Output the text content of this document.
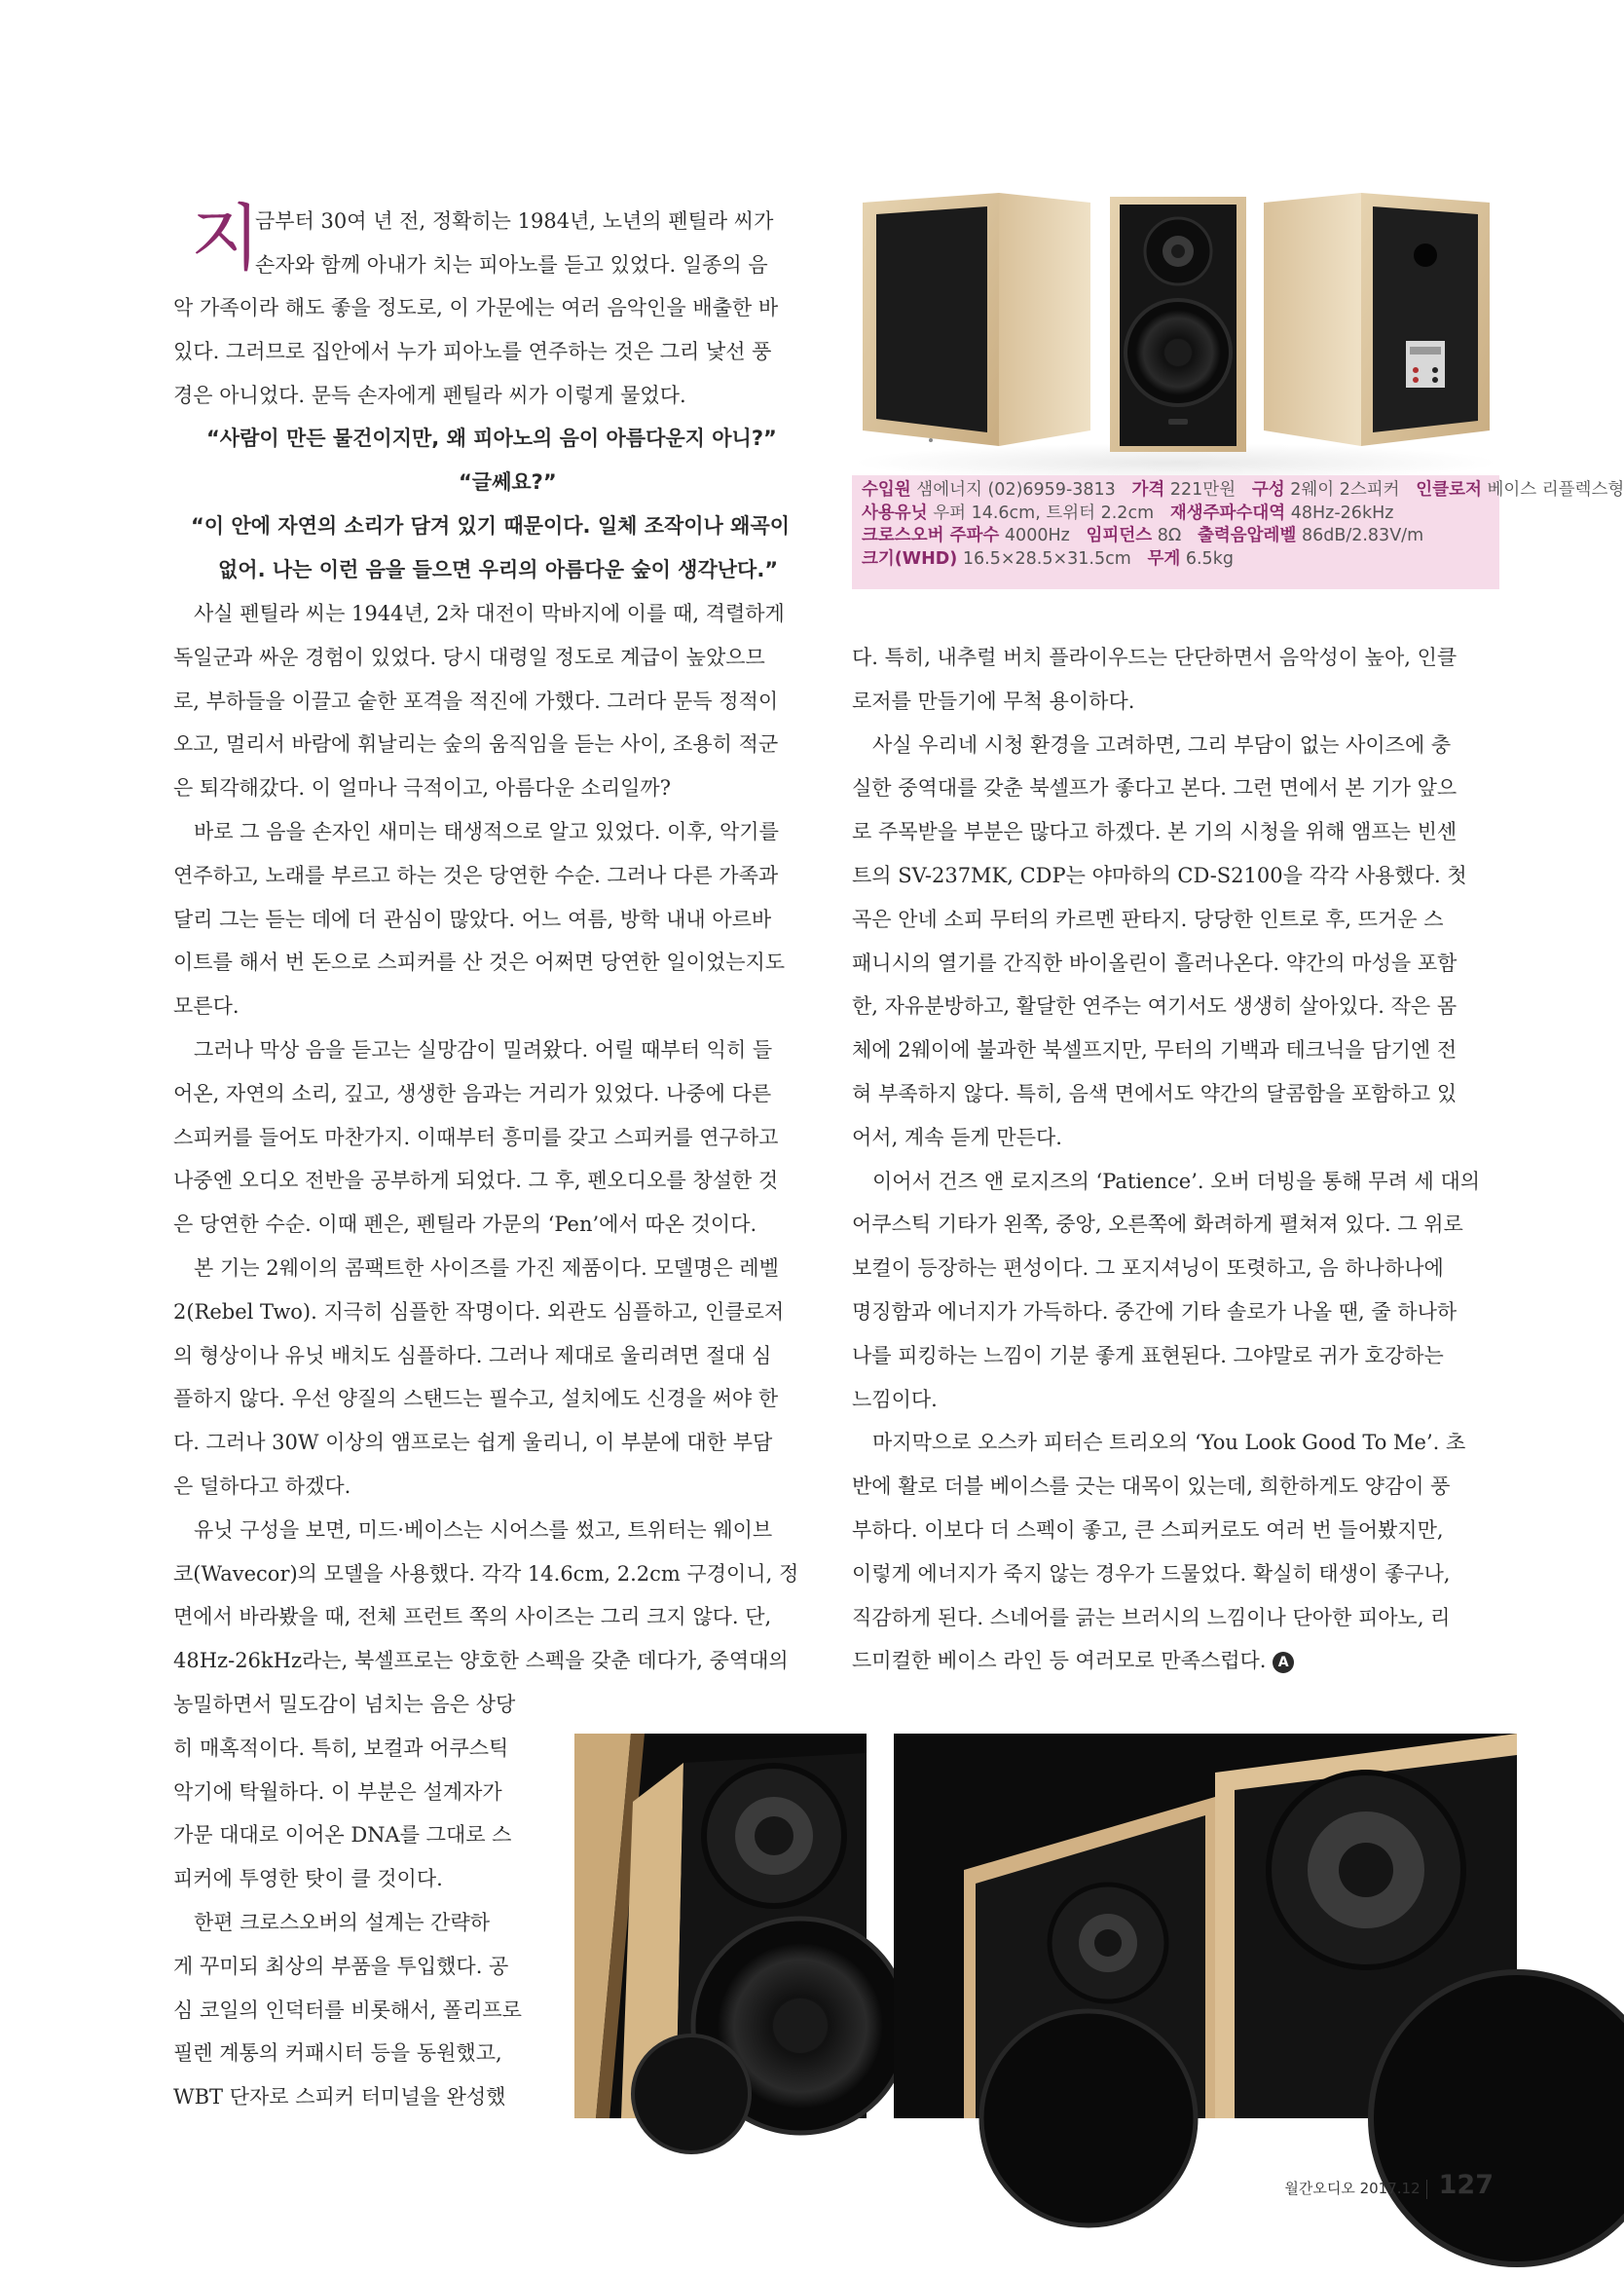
지

금부터 30여 년 전, 정확히는 1984년, 노년의 펜틸라 씨가

손자와 함께 아내가 치는 피아노를 듣고 있었다. 일종의 음

악 가족이라 해도 좋을 정도로, 이 가문에는 여러 음악인을 배출한 바

있다. 그러므로 집안에서 누가 피아노를 연주하는 것은 그리 낯선 풍

경은 아니었다. 문득 손자에게 펜틸라 씨가 이렇게 물었다.

“사람이 만든 물건이지만, 왜 피아노의 음이 아름다운지 아니?”
“글쎄요?”

“이 안에 자연의 소리가 담겨 있기 때문이다. 일체 조작이나 왜곡이

없어. 나는 이런 음을 들으면 우리의 아름다운 숲이 생각난다.”

사실 펜틸라 씨는 1944년, 2차 대전이 막바지에 이를 때, 격렬하게

독일군과 싸운 경험이 있었다. 당시 대령일 정도로 계급이 높았으므

로, 부하들을 이끌고 숱한 포격을 적진에 가했다. 그러다 문득 정적이

오고, 멀리서 바람에 휘날리는 숲의 움직임을 듣는 사이, 조용히 적군

은 퇴각해갔다. 이 얼마나 극적이고, 아름다운 소리일까?

바로 그 음을 손자인 새미는 태생적으로 알고 있었다. 이후, 악기를

연주하고, 노래를 부르고 하는 것은 당연한 수순. 그러나 다른 가족과

달리 그는 듣는 데에 더 관심이 많았다. 어느 여름, 방학 내내 아르바

이트를 해서 번 돈으로 스피커를 산 것은 어쩌면 당연한 일이었는지도

모른다.

그러나 막상 음을 듣고는 실망감이 밀려왔다. 어릴 때부터 익히 들

어온, 자연의 소리, 깊고, 생생한 음과는 거리가 있었다. 나중에 다른

스피커를 들어도 마찬가지. 이때부터 흥미를 갖고 스피커를 연구하고

나중엔 오디오 전반을 공부하게 되었다. 그 후, 펜오디오를 창설한 것

은 당연한 수순. 이때 펜은, 펜틸라 가문의 ‘Pen’에서 따온 것이다.

본 기는 2웨이의 콤팩트한 사이즈를 가진 제품이다. 모델명은 레벨

2(Rebel Two). 지극히 심플한 작명이다. 외관도 심플하고, 인클로저

의 형상이나 유닛 배치도 심플하다. 그러나 제대로 울리려면 절대 심

플하지 않다. 우선 양질의 스탠드는 필수고, 설치에도 신경을 써야 한

다. 그러나 30W 이상의 앰프로는 쉽게 울리니, 이 부분에 대한 부담

은 덜하다고 하겠다.

유닛 구성을 보면, 미드·베이스는 시어스를 썼고, 트위터는 웨이브

코(Wavecor)의 모델을 사용했다. 각각 14.6cm, 2.2cm 구경이니, 정

면에서 바라봤을 때, 전체 프런트 쪽의 사이즈는 그리 크지 않다. 단,

48Hz-26kHz라는, 북셀프로는 양호한 스펙을 갖춘 데다가, 중역대의

농밀하면서 밀도감이 넘치는 음은 상당

히 매혹적이다. 특히, 보컬과 어쿠스틱

악기에 탁월하다. 이 부분은 설계자가

가문 대대로 이어온 DNA를 그대로 스

피커에 투영한 탓이 클 것이다.

한편 크로스오버의 설계는 간략하

게 꾸미되 최상의 부품을 투입했다. 공

심 코일의 인덕터를 비롯해서, 폴리프로

필렌 계통의 커패시터 등을 동원했고,

WBT 단자로 스피커 터미널을 완성했

다. 특히, 내추럴 버치 플라이우드는 단단하면서 음악성이 높아, 인클

로저를 만들기에 무척 용이하다.

사실 우리네 시청 환경을 고려하면, 그리 부담이 없는 사이즈에 충

실한 중역대를 갖춘 북셀프가 좋다고 본다. 그런 면에서 본 기가 앞으

로 주목받을 부분은 많다고 하겠다. 본 기의 시청을 위해 앰프는 빈센

트의 SV-237MK, CDP는 야마하의 CD-S2100을 각각 사용했다. 첫

곡은 안네 소피 무터의 카르멘 판타지. 당당한 인트로 후, 뜨거운 스

패니시의 열기를 간직한 바이올린이 흘러나온다. 약간의 마성을 포함

한, 자유분방하고, 활달한 연주는 여기서도 생생히 살아있다. 작은 몸

체에 2웨이에 불과한 북셀프지만, 무터의 기백과 테크닉을 담기엔 전

혀 부족하지 않다. 특히, 음색 면에서도 약간의 달콤함을 포함하고 있

어서, 계속 듣게 만든다.

이어서 건즈 앤 로지즈의 ‘Patience’. 오버 더빙을 통해 무려 세 대의

어쿠스틱 기타가 왼쪽, 중앙, 오른쪽에 화려하게 펼쳐져 있다. 그 위로

보컬이 등장하는 편성이다. 그 포지셔닝이 또렷하고, 음 하나하나에

명징함과 에너지가 가득하다. 중간에 기타 솔로가 나올 땐, 줄 하나하

나를 피킹하는 느낌이 기분 좋게 표현된다. 그야말로 귀가 호강하는

느낌이다.

마지막으로 오스카 피터슨 트리오의 ‘You Look Good To Me’. 초

반에 활로 더블 베이스를 긋는 대목이 있는데, 희한하게도 양감이 풍

부하다. 이보다 더 스펙이 좋고, 큰 스피커로도 여러 번 들어봤지만,

이렇게 에너지가 죽지 않는 경우가 드물었다. 확실히 태생이 좋구나,

직감하게 된다. 스네어를 긁는 브러시의 느낌이나 단아한 피아노, 리

드미컬한 베이스 라인 등 여러모로 만족스럽다. A

수입원 샘에너지 (02)6959-3813 가격 221만원 구성 2웨이 2스피커 인클로저 베이스 리플렉스형
사용유닛 우퍼 14.6cm, 트위터 2.2cm 재생주파수대역 48Hz-26kHz
크로스오버 주파수 4000Hz 임피던스 8Ω 출력음압레벨 86dB/2.83V/m
크기(WHD) 16.5×28.5×31.5cm 무게 6.5kg
월간오디오 2017.12 127
